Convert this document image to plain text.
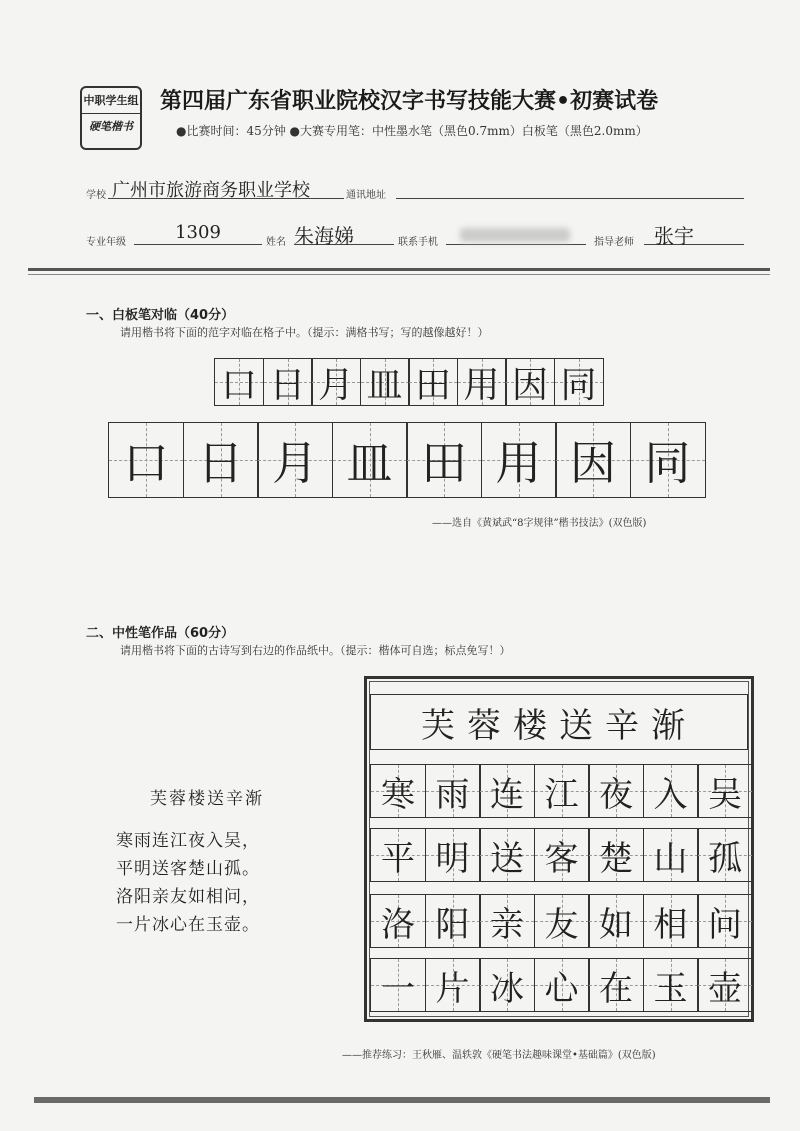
中职学生组
硬笔楷书
第四届广东省职业院校汉字书写技能大赛•初赛试卷
●比赛时间：45分钟 ●大赛专用笔：中性墨水笔（黑色0.7mm）白板笔（黑色2.0mm）
学校 广州市旅游商务职业学校	通讯地址
专业年级	1309	姓名 朱海娣	联系手机	指导老师	张宇
一、白板笔对临（40分）
请用楷书将下面的范字对临在格子中。（提示：满格书写；写的越像越好！）
口 日 月 皿 田 用 因 同
口 日 月 皿 田 用 因 同
——选自《黄斌武“8字规律”楷书技法》(双色版)
二、中性笔作品（60分）
请用楷书将下面的古诗写到右边的作品纸中。（提示：楷体可自选；标点免写！）
芙蓉楼送辛渐
寒雨连江夜入吴，
平明送客楚山孤。
洛阳亲友如相问，
一片冰心在玉壶。
芙蓉楼送辛渐
寒 雨 连 江 夜 入 吴
平 明 送 客 楚 山 孤
洛 阳 亲 友 如 相 问
一 片 冰 心 在 玉 壶
——推荐练习：王秋雁、温轶敦《硬笔书法趣味课堂•基础篇》(双色版)
